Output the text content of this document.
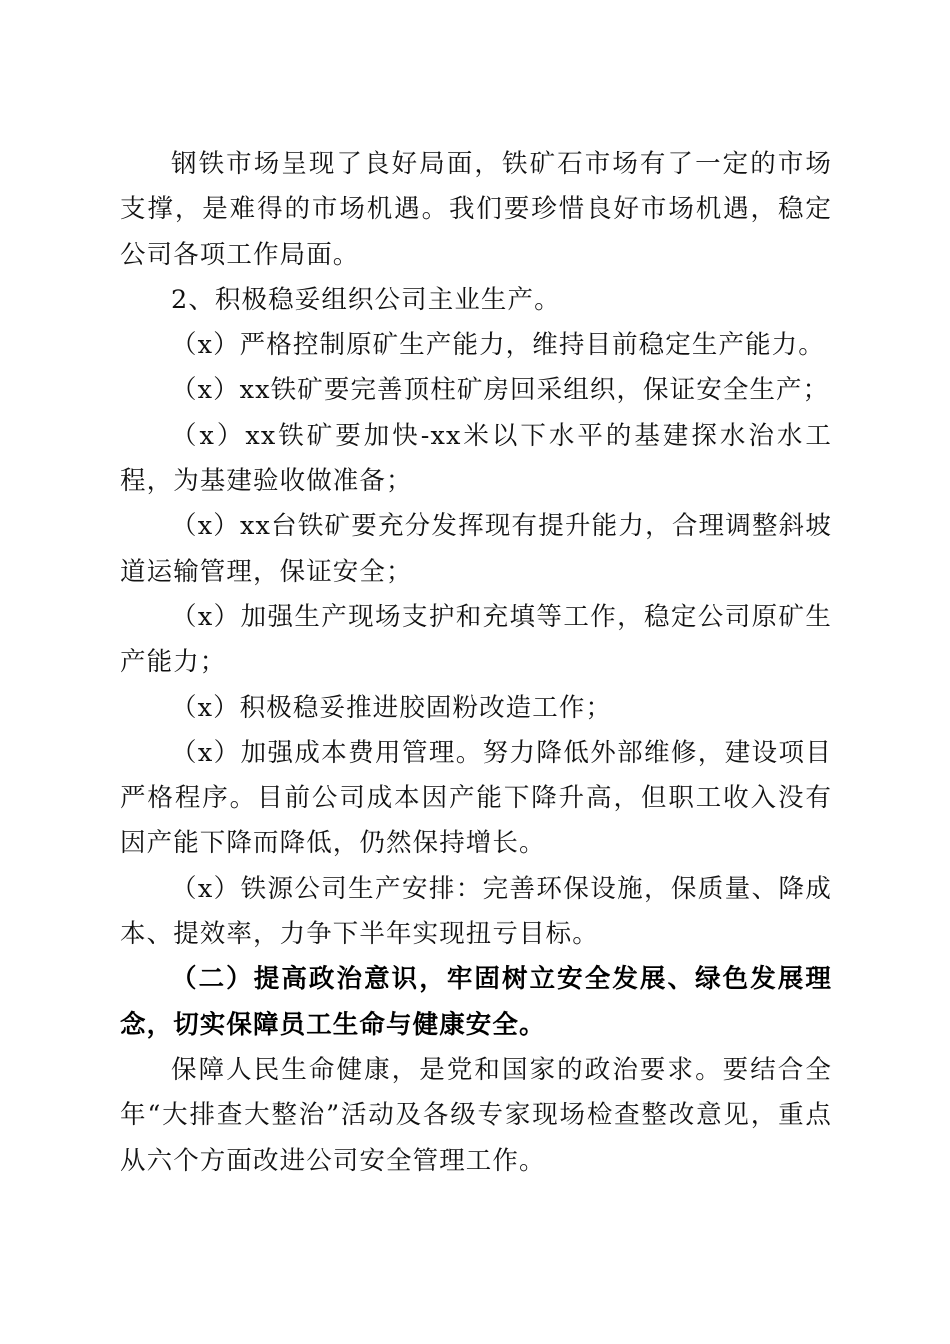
钢铁市场呈现了良好局面，铁矿石市场有了一定的市场支撑，是难得的市场机遇。我们要珍惜良好市场机遇，稳定公司各项工作局面。

2、积极稳妥组织公司主业生产。

（x）严格控制原矿生产能力，维持目前稳定生产能力。

（x）xx铁矿要完善顶柱矿房回采组织，保证安全生产；

（x）xx铁矿要加快-xx米以下水平的基建探水治水工程，为基建验收做准备；

（x）xx台铁矿要充分发挥现有提升能力，合理调整斜坡道运输管理，保证安全；

（x）加强生产现场支护和充填等工作，稳定公司原矿生产能力；

（x）积极稳妥推进胶固粉改造工作；

（x）加强成本费用管理。努力降低外部维修，建设项目严格程序。目前公司成本因产能下降升高，但职工收入没有因产能下降而降低，仍然保持增长。

（x）铁源公司生产安排：完善环保设施，保质量、降成本、提效率，力争下半年实现扭亏目标。

（二）提高政治意识，牢固树立安全发展、绿色发展理念，切实保障员工生命与健康安全。

保障人民生命健康，是党和国家的政治要求。要结合全年“大排查大整治”活动及各级专家现场检查整改意见，重点从六个方面改进公司安全管理工作。
